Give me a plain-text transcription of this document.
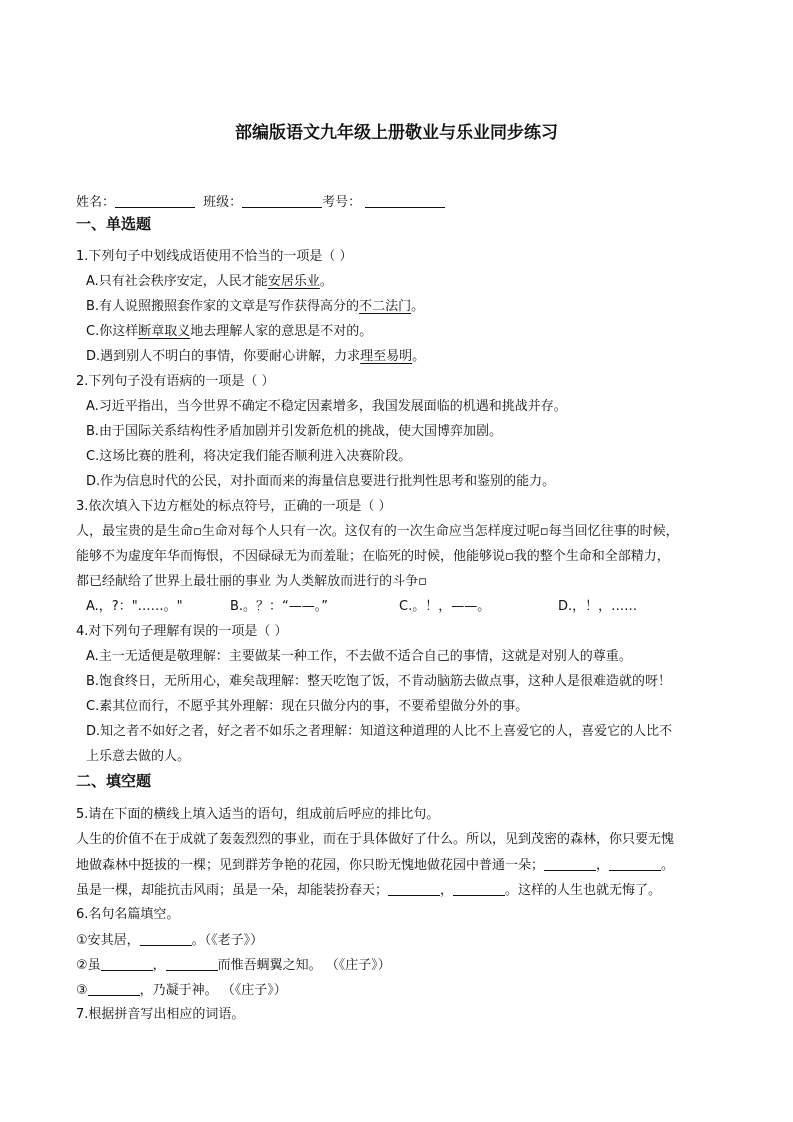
部编版语文九年级上册敬业与乐业同步练习
姓名：	班级：	考号：
一、单选题
1.下列句子中划线成语使用不恰当的一项是（ ）
A.只有社会秩序安定，人民才能安居乐业。
B.有人说照搬照套作家的文章是写作获得高分的不二法门。
C.你这样断章取义地去理解人家的意思是不对的。
D.遇到别人不明白的事情，你要耐心讲解，力求理至易明。
2.下列句子没有语病的一项是（ ）
A.习近平指出，当今世界不确定不稳定因素增多，我国发展面临的机遇和挑战并存。
B.由于国际关系结构性矛盾加剧并引发新危机的挑战，使大国博弈加剧。
C.这场比赛的胜利，将决定我们能否顺利进入决赛阶段。
D.作为信息时代的公民，对扑面而来的海量信息要进行批判性思考和鉴别的能力。
3.依次填入下边方框处的标点符号，正确的一项是（ ）
人，最宝贵的是生命▫生命对每个人只有一次。这仅有的一次生命应当怎样度过呢▫每当回忆往事的时候，
能够不为虚度年华而悔恨，不因碌碌无为而羞耻；在临死的时候，他能够说▫我的整个生命和全部精力，
都已经献给了世界上最壮丽的事业 为人类解放而进行的斗争▫
A.，?："……。"	B.。？：“——。”	C.。！，——。	D.，！，……
4.对下列句子理解有误的一项是（ ）
A.主一无适便是敬理解：主要做某一种工作，不去做不适合自己的事情，这就是对别人的尊重。
B.饱食终日，无所用心，难矣哉理解：整天吃饱了饭，不肯动脑筋去做点事，这种人是很难造就的呀！
C.素其位而行，不愿乎其外理解：现在只做分内的事，不要希望做分外的事。
D.知之者不如好之者，好之者不如乐之者理解：知道这种道理的人比不上喜爱它的人，喜爱它的人比不
上乐意去做的人。
二、填空题
5.请在下面的横线上填入适当的语句，组成前后呼应的排比句。
人生的价值不在于成就了轰轰烈烈的事业，而在于具体做好了什么。所以，见到茂密的森林，你只要无愧
地做森林中挺拔的一棵；见到群芳争艳的花园，你只盼无愧地做花园中普通一朵；	，	。
虽是一棵，却能抗击风雨；虽是一朵，却能装扮春天；	，	。这样的人生也就无悔了。
6.名句名篇填空。
①安其居，	。（《老子》）
②虽	，	而惟吾蜩翼之知。 （《庄子》）
③	，乃凝于神。 （《庄子》）
7.根据拼音写出相应的词语。
